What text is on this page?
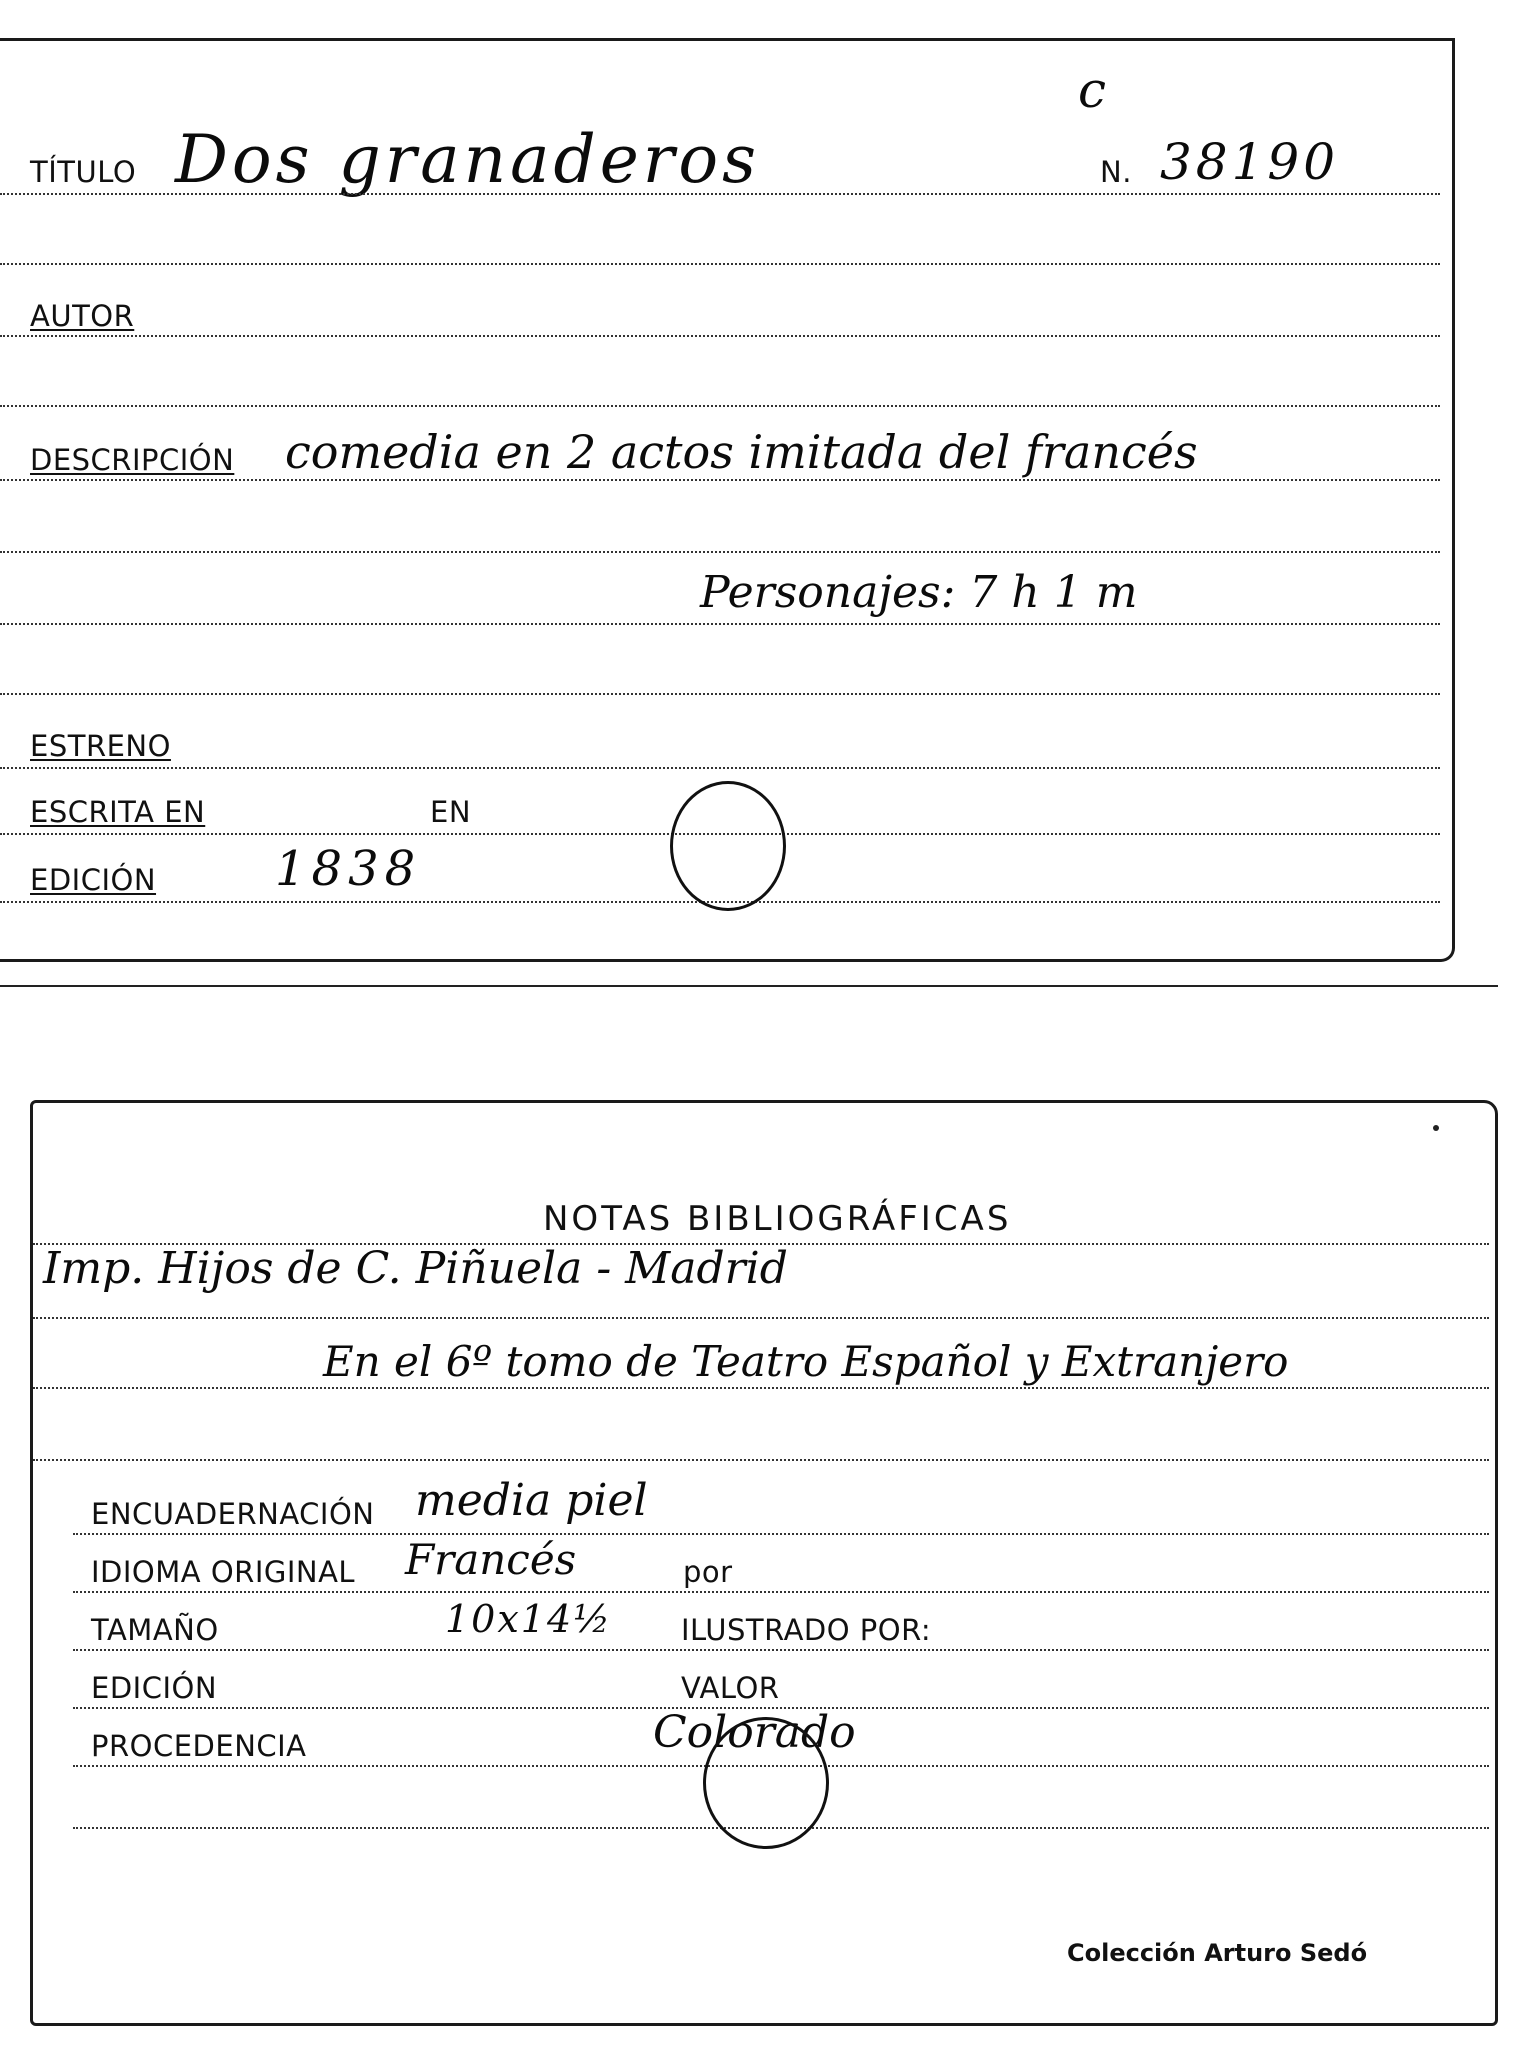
c
TÍTULO Dos granaderos	N. 38190
AUTOR
DESCRIPCIÓN comedia en 2 actos imitada del francés
Personajes: 7 h 1 m
ESTRENO
ESCRITA EN	EN
EDICIÓN 1838
NOTAS BIBLIOGRÁFICAS
Imp. Hijos de C. Piñuela - Madrid
En el 6º tomo de Teatro Español y Extranjero
ENCUADERNACIÓN media piel
IDIOMA ORIGINAL Francés	por
TAMAÑO	10x14½ ILUSTRADO POR:
EDICIÓN	VALOR
PROCEDENCIA	Colorado
Colección Arturo Sedó
